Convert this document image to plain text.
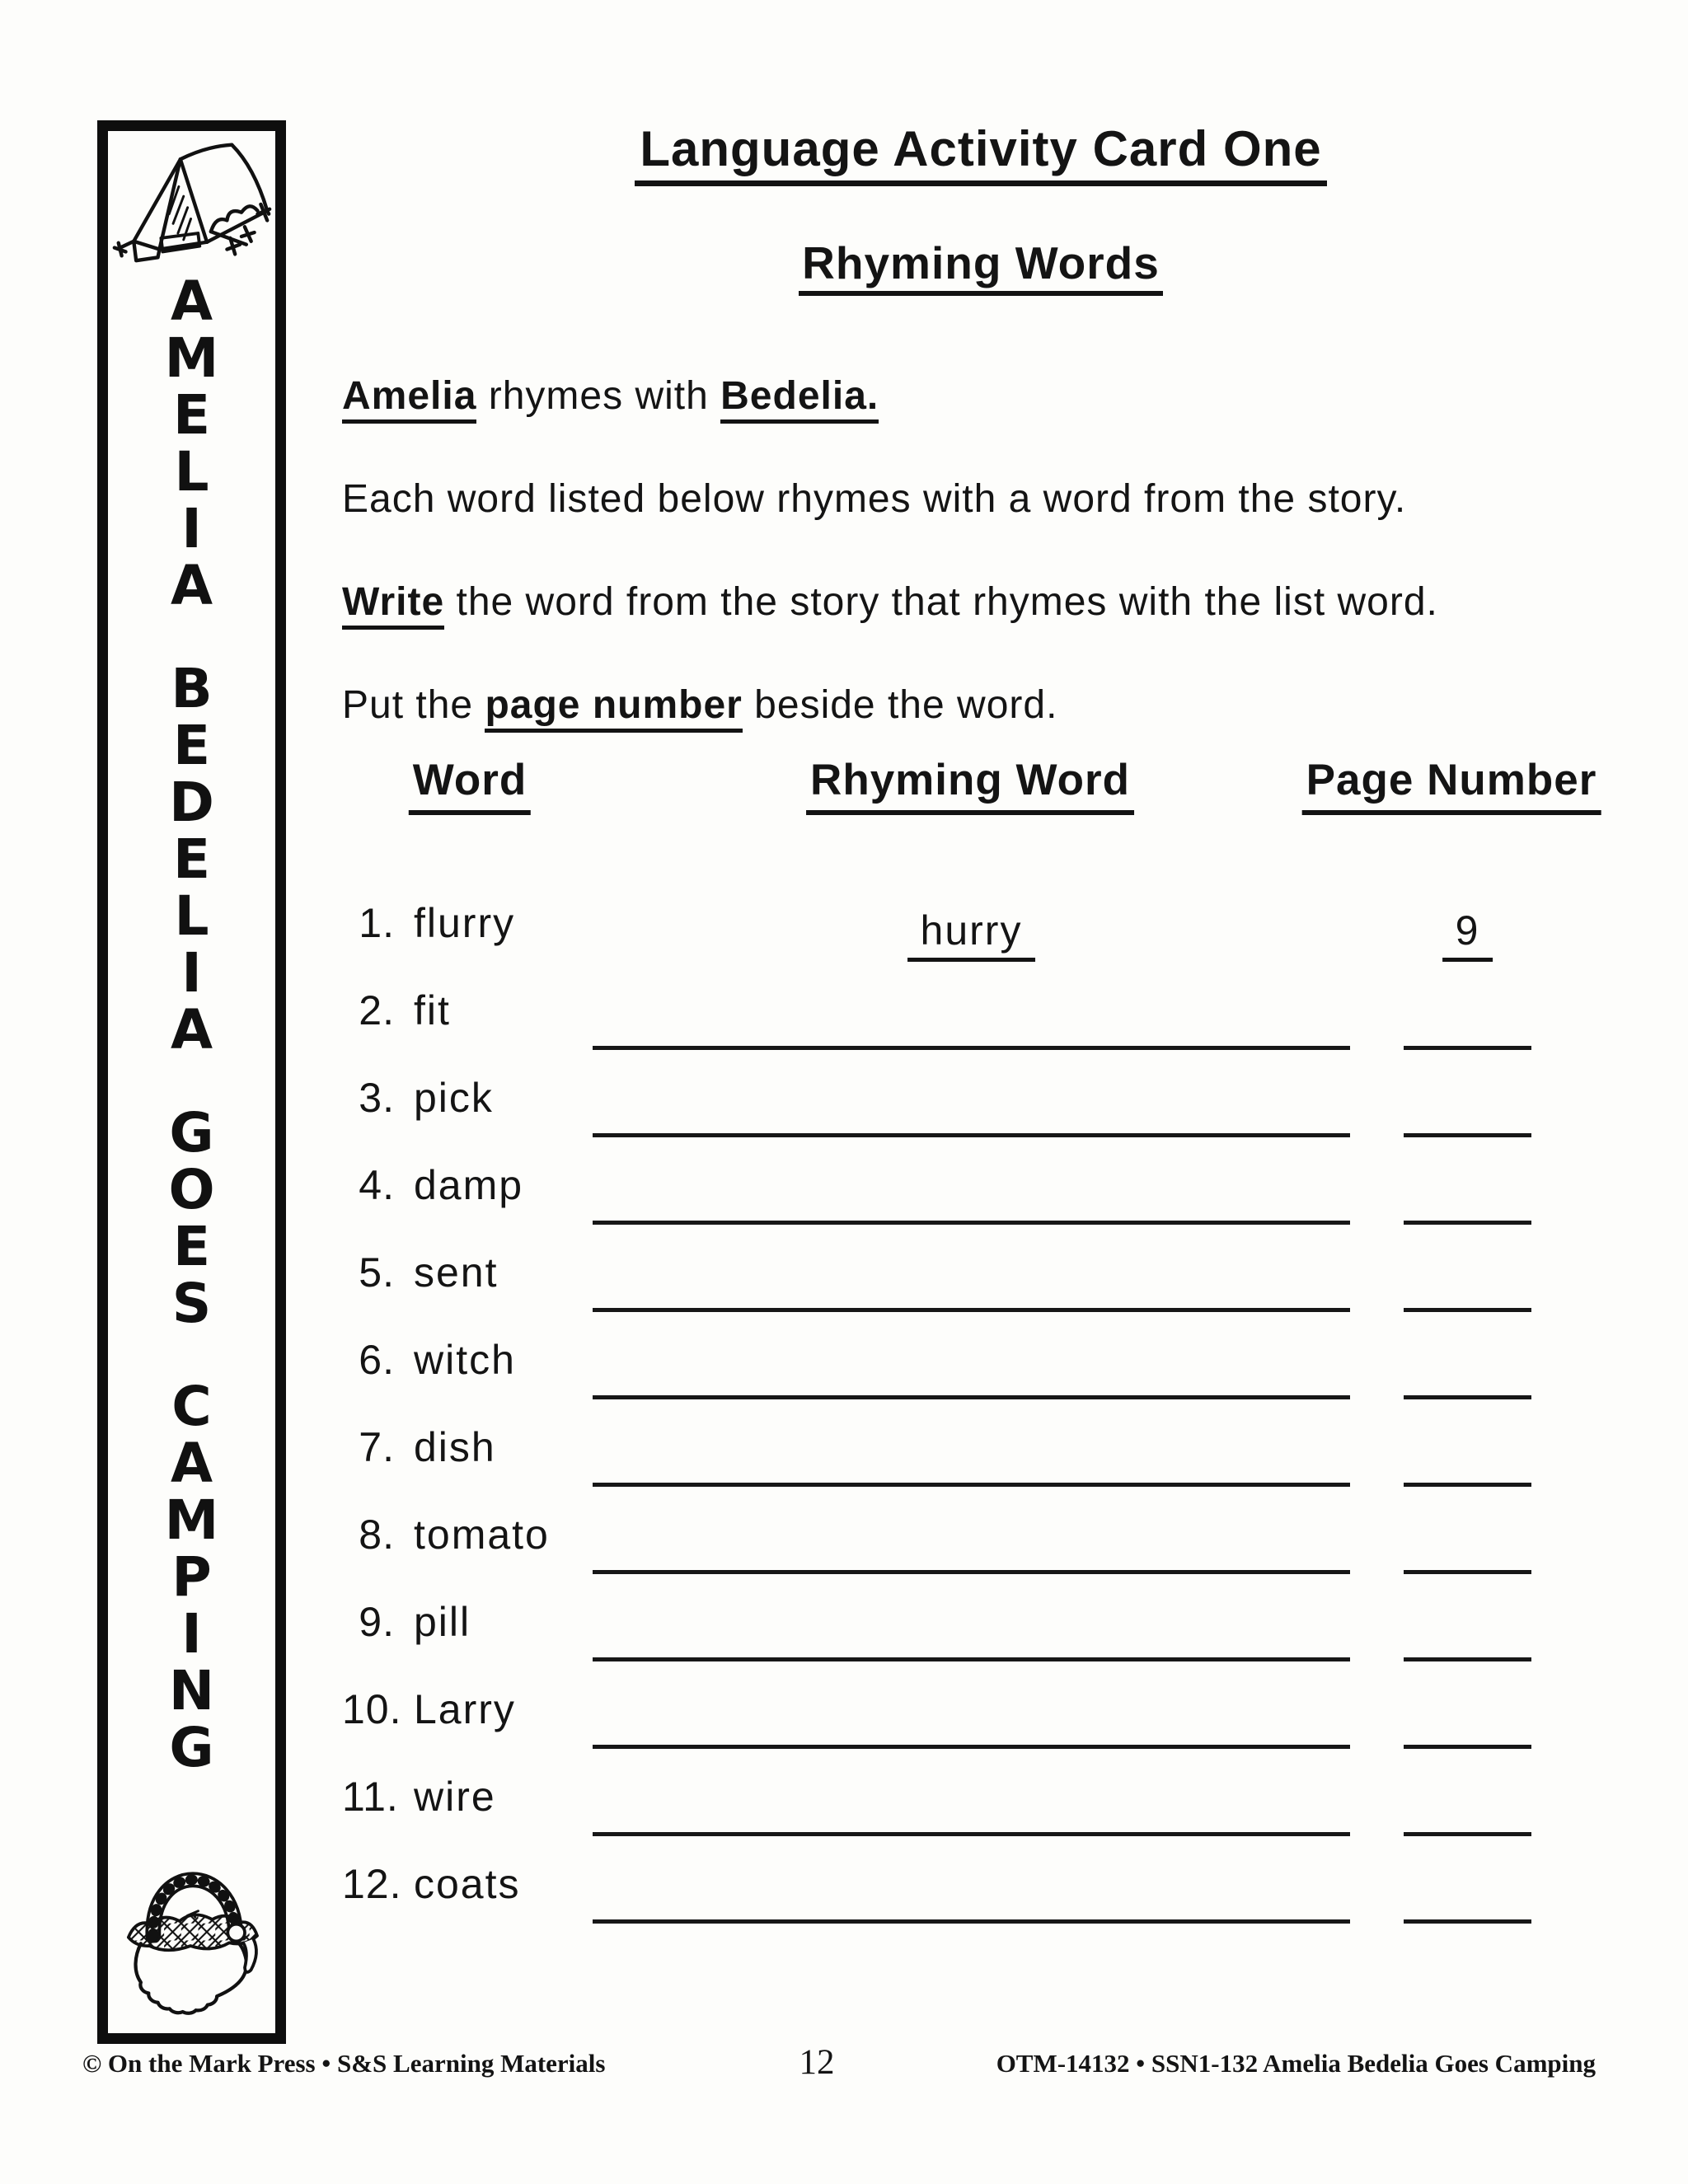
A
M
E
L
I
A
B
E
D
E
L
I
A
G
O
E
S
C
A
M
P
I
N
G
Language Activity Card One
Rhyming Words

Amelia rhymes with Bedelia.

Each word listed below rhymes with a word from the story.

Write the word from the story that rhymes with the list word.

Put the page number beside the word.

Word	Rhyming Word	Page Number
1. flurry	hurry	9
2. fit
3. pick
4. damp
5. sent
6. witch
7. dish
8. tomato
9. pill
10. Larry
11. wire
12. coats
© On the Mark Press • S&S Learning Materials	12	OTM-14132 • SSN1-132 Amelia Bedelia Goes Camping
